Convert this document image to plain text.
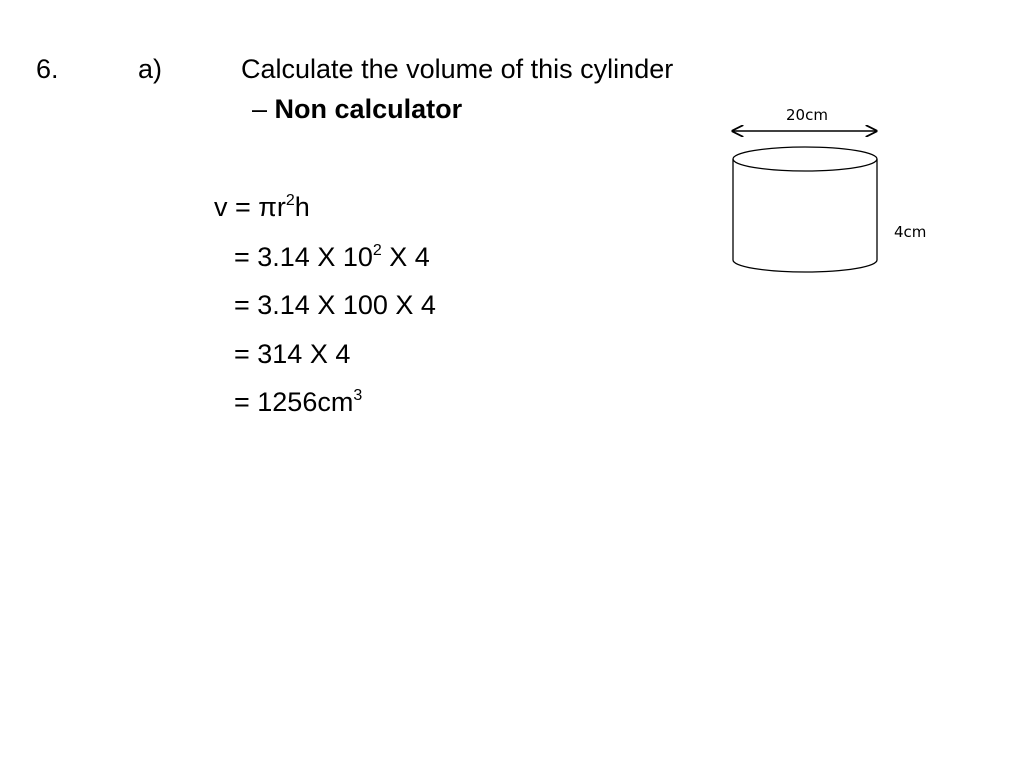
6.	a)	Calculate the volume of this cylinder
– Non calculator
$v = \pi r^2h$
= 3.14 X $10^2$ X 4
= 3.14 X 100 X 4
= 314 X 4
= $1256cm^3$
20cm
4cm
